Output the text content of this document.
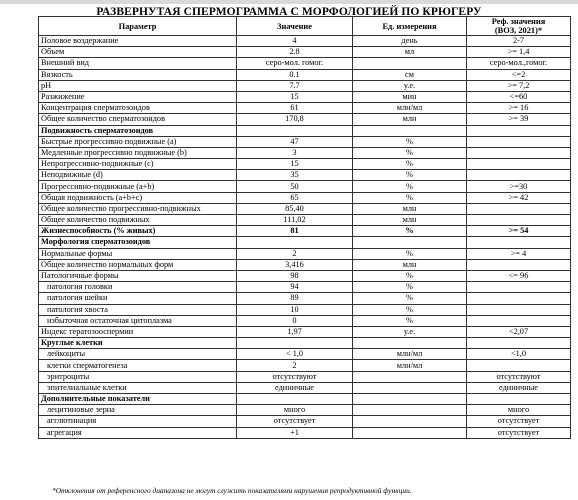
РАЗВЕРНУТАЯ СПЕРМОГРАММА С МОРФОЛОГИЕЙ ПО КРЮГЕРУ
Параметр	Значение	Ед. измерения	Реф. значения
(ВОЗ, 2021)*
Половое воздержание	4	день	2-7
Объем	2.8	мл	>= 1,4
Внешний вид	серо-мол. гомог.		серо-мол.,гомог.
Вязкость	0.1	см	<=2
pH	7.7	у.е.	>= 7,2
Разжижение	15	мин	<=60
Концентрация сперматозоидов	61	млн/мл	>= 16
Общее количество сперматозоидов	170,8	млн	>= 39
Подвижность сперматозоидов			
Быстрые прогрессивно подвижные (а)	47	%	
Медленные прогрессивно подвижные (b)	3	%	
Непрогрессивно-подвижные (c)	15	%	
Неподвижные (d)	35	%	
Прогрессивно-подвижные (а+b)	50	%	>=30
Общая подвижность (а+b+c)	65	%	>= 42
Общее количество прогрессивно-подвижных	85,40	млн	
Общее количество подвижных	111,02	млн	
Жизнеспособность (% живых)	81	%	>= 54
Морфология сперматозоидов			
Нормальные формы	2	%	>= 4
Общее количество нормальных форм	3,416	млн	
Патологичные формы	98	%	<= 96
патология головки	94	%	
патология шейки	89	%	
патология хвоста	10	%	
избыточная остаточная цитоплазма	0	%	
Индекс тератозооспермии	1,97	у.е.	<2,07
Круглые клетки			
лейкоциты	< 1,0	млн/мл	<1,0
клетки сперматогенеза	2	млн/мл	
эритроциты	отсутствуют		отсутствуют
эпителиальные клетки	единичные		единичные
Дополнительные показатели			
лецитиновые зерна	много		много
агглютинация	отсутствует		отсутствует
агрегация	+1		отсутствует
*Отклонения от референсного диапазона не могут служить показателями нарушения репродуктивной функции.
